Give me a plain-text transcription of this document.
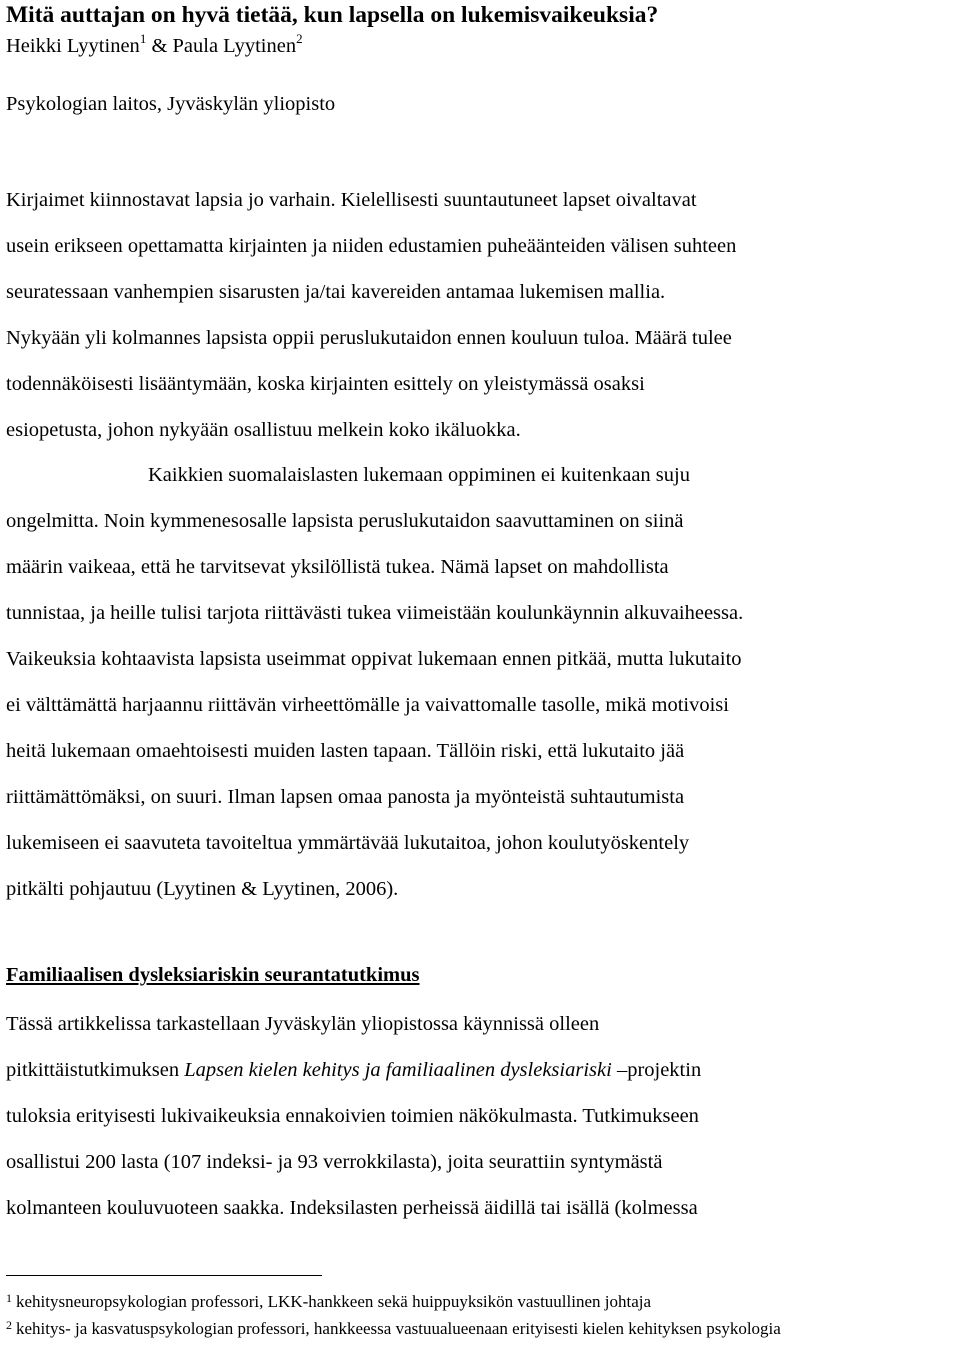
Mitä auttajan on hyvä tietää, kun lapsella on lukemisvaikeuksia?
Heikki Lyytinen$^1$ & Paula Lyytinen$^2$
Psykologian laitos, Jyväskylän yliopisto
Kirjaimet kiinnostavat lapsia jo varhain. Kielellisesti suuntautuneet lapset oivaltavat
usein erikseen opettamatta kirjainten ja niiden edustamien puheäänteiden välisen suhteen
seuratessaan vanhempien sisarusten ja/tai kavereiden antamaa lukemisen mallia.
Nykyään yli kolmannes lapsista oppii peruslukutaidon ennen kouluun tuloa. Määrä tulee
todennäköisesti lisääntymään, koska kirjainten esittely on yleistymässä osaksi
esiopetusta, johon nykyään osallistuu melkein koko ikäluokka.
Kaikkien suomalaislasten lukemaan oppiminen ei kuitenkaan suju
ongelmitta. Noin kymmenesosalle lapsista peruslukutaidon saavuttaminen on siinä
määrin vaikeaa, että he tarvitsevat yksilöllistä tukea. Nämä lapset on mahdollista
tunnistaa, ja heille tulisi tarjota riittävästi tukea viimeistään koulunkäynnin alkuvaiheessa.
Vaikeuksia kohtaavista lapsista useimmat oppivat lukemaan ennen pitkää, mutta lukutaito
ei välttämättä harjaannu riittävän virheettömälle ja vaivattomalle tasolle, mikä motivoisi
heitä lukemaan omaehtoisesti muiden lasten tapaan. Tällöin riski, että lukutaito jää
riittämättömäksi, on suuri. Ilman lapsen omaa panosta ja myönteistä suhtautumista
lukemiseen ei saavuteta tavoiteltua ymmärtävää lukutaitoa, johon koulutyöskentely
pitkälti pohjautuu (Lyytinen & Lyytinen, 2006).
Familiaalisen dysleksiariskin seurantatutkimus
Tässä artikkelissa tarkastellaan Jyväskylän yliopistossa käynnissä olleen
pitkittäistutkimuksen Lapsen kielen kehitys ja familiaalinen dysleksiariski –projektin
tuloksia erityisesti lukivaikeuksia ennakoivien toimien näkökulmasta. Tutkimukseen
osallistui 200 lasta (107 indeksi- ja 93 verrokkilasta), joita seurattiin syntymästä
kolmanteen kouluvuoteen saakka. Indeksilasten perheissä äidillä tai isällä (kolmessa
$^1$ kehitysneuropsykologian professori, LKK-hankkeen sekä huippuyksikön vastuullinen johtaja
$^2$ kehitys- ja kasvatuspsykologian professori, hankkeessa vastuualueenaan erityisesti kielen kehityksen psykologia
